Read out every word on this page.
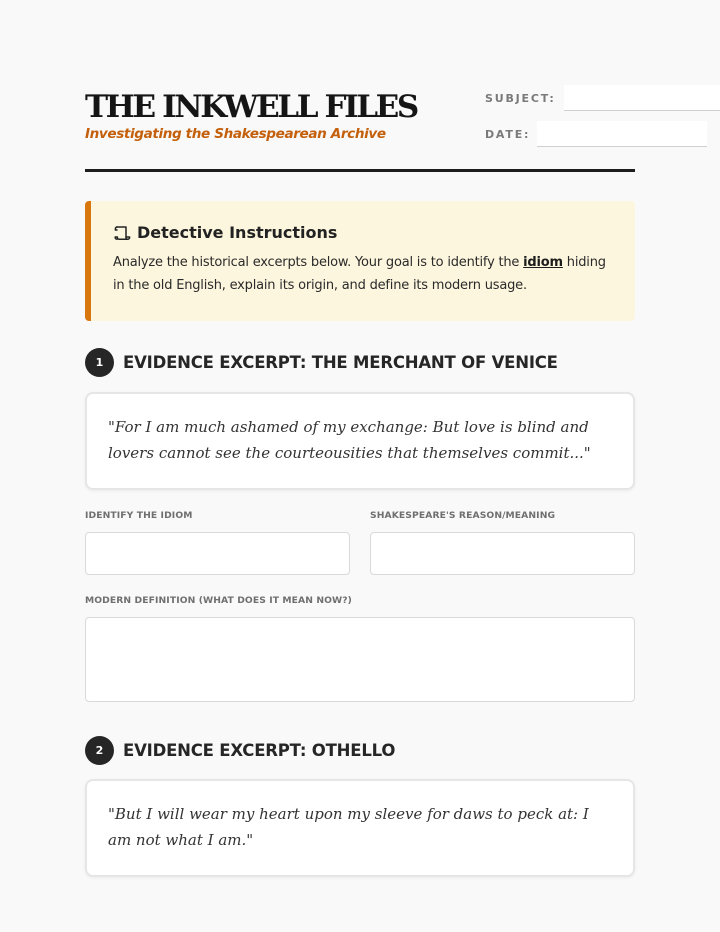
THE INKWELL FILES
Investigating the Shakespearean Archive
SUBJECT:
DATE:
Detective Instructions
Analyze the historical excerpts below. Your goal is to identify the idiom hiding in the old English, explain its origin, and define its modern usage.
1	EVIDENCE EXCERPT: THE MERCHANT OF VENICE
"For I am much ashamed of my exchange: But love is blind and lovers cannot see the courteousities that themselves commit..."
IDENTIFY THE IDIOM	SHAKESPEARE'S REASON/MEANING
MODERN DEFINITION (WHAT DOES IT MEAN NOW?)
2	EVIDENCE EXCERPT: OTHELLO
"But I will wear my heart upon my sleeve for daws to peck at: I am not what I am."
